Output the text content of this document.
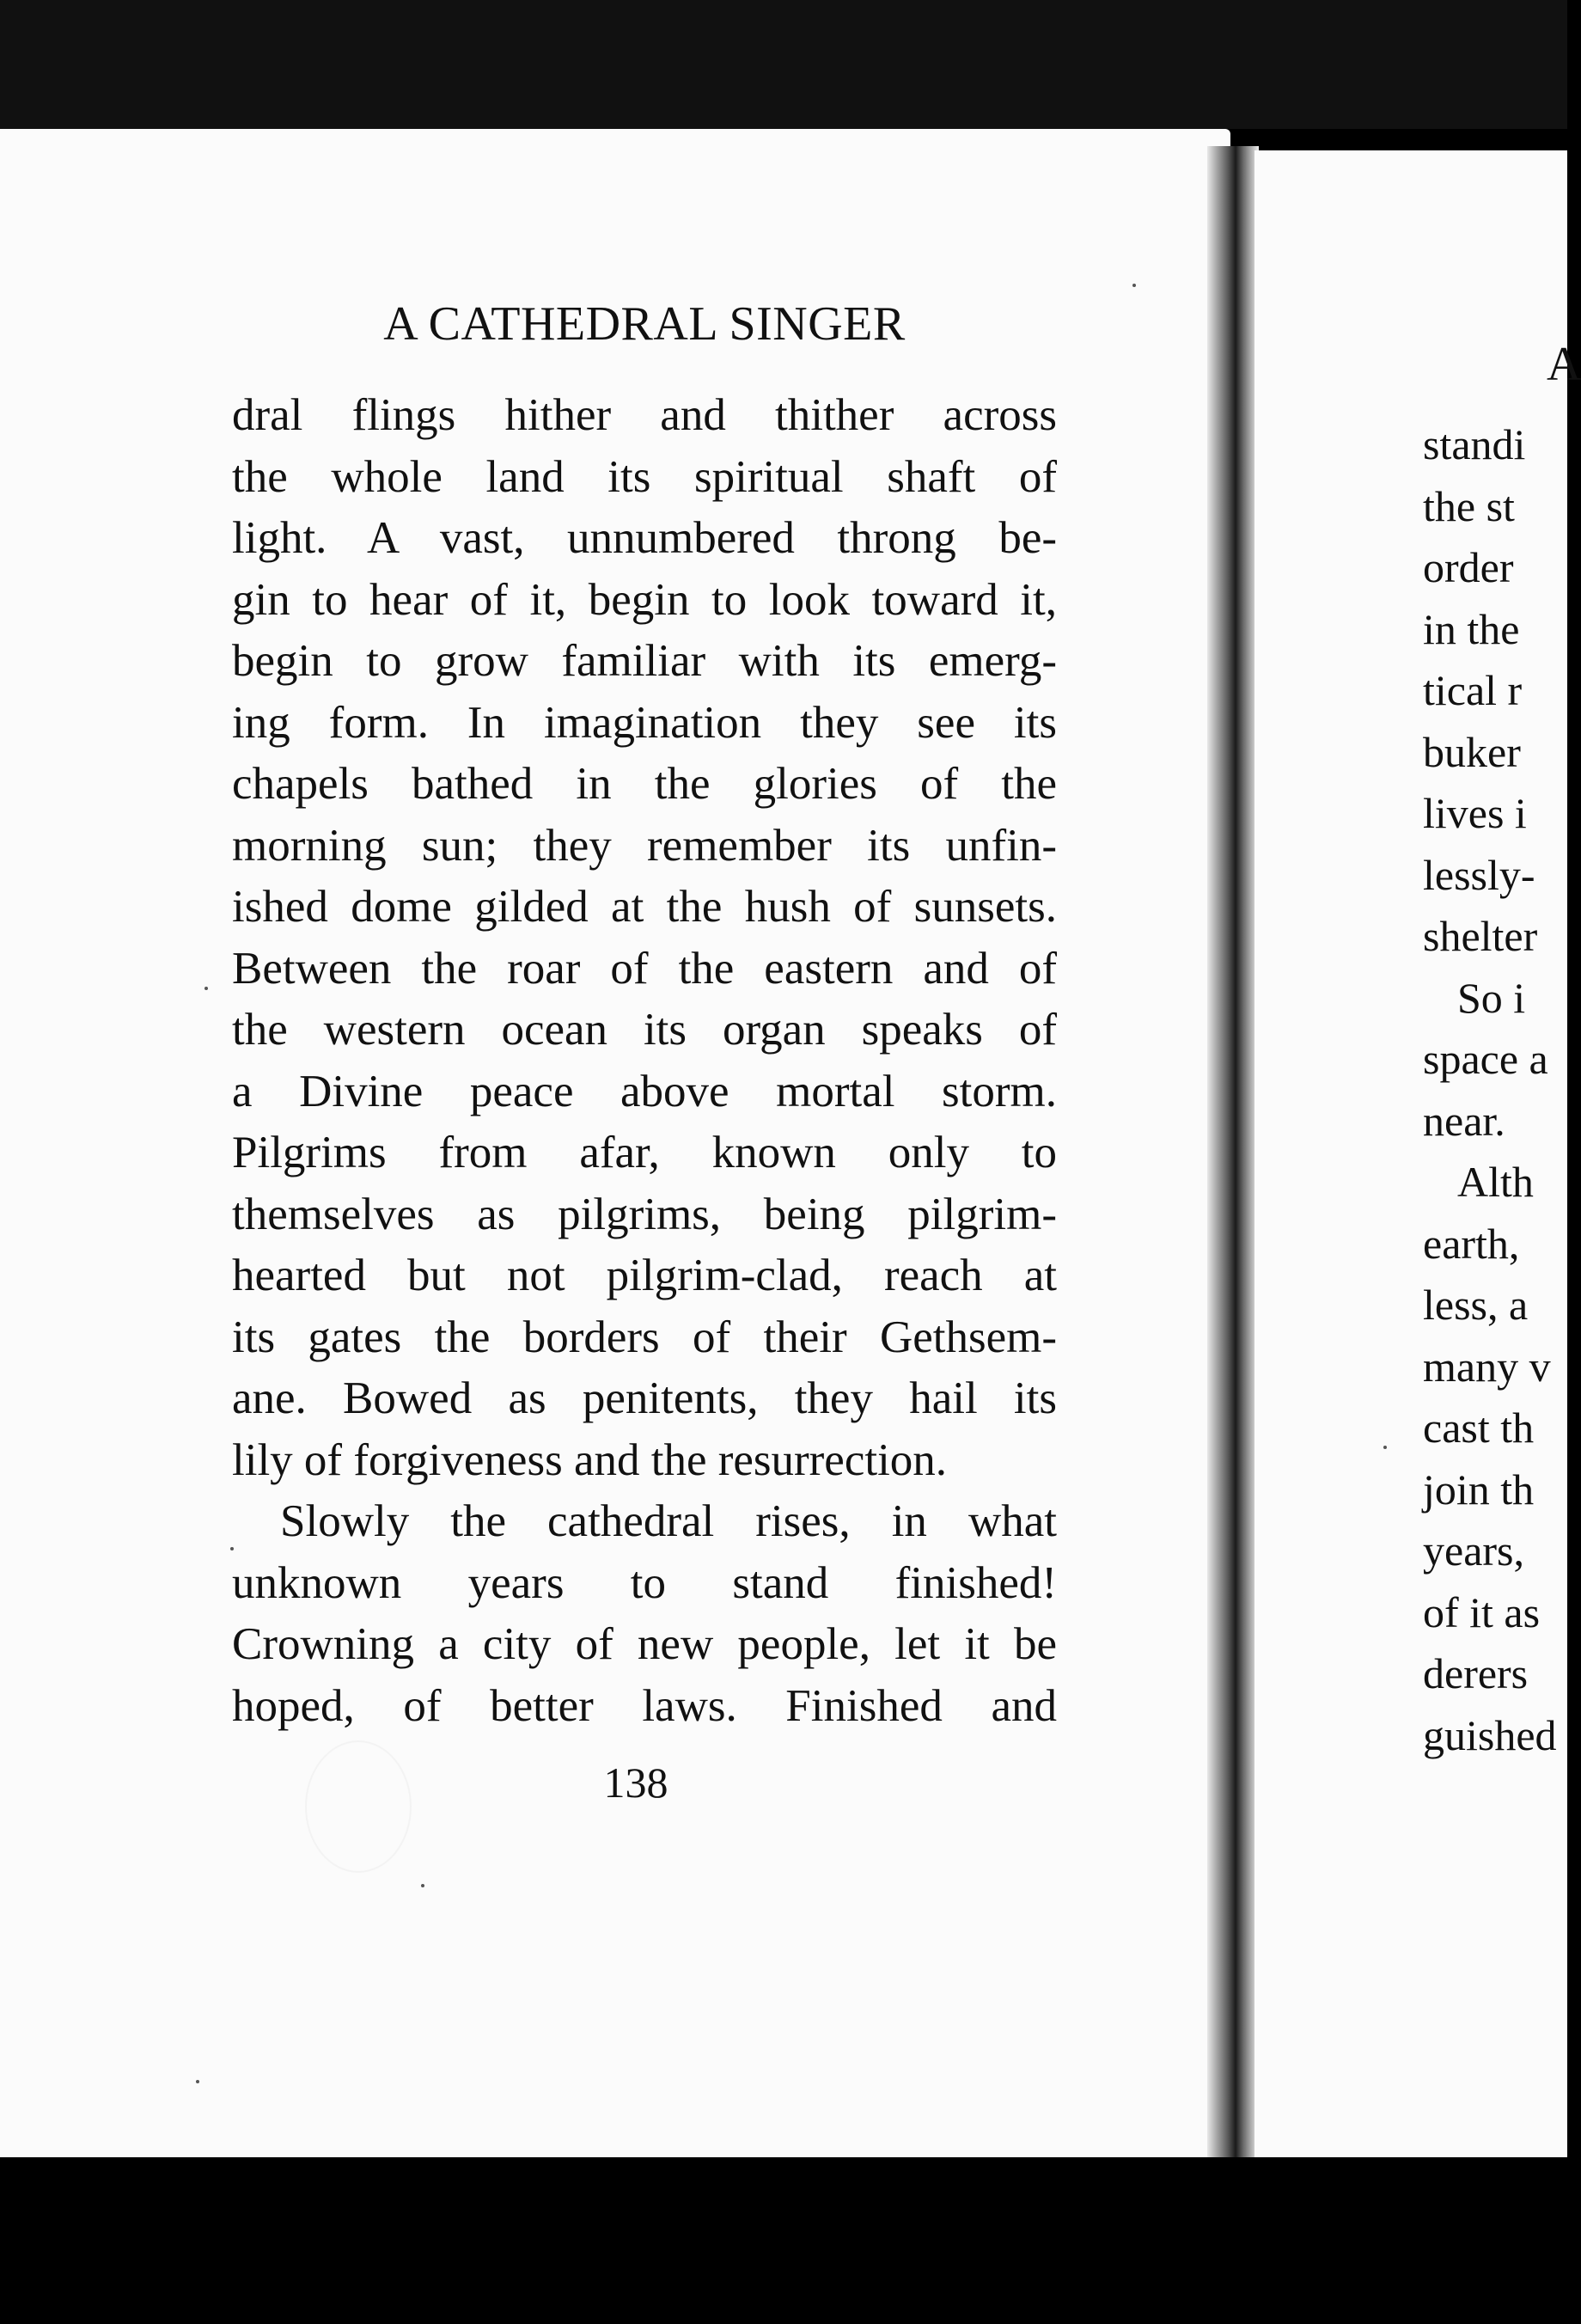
A CATHEDRAL SINGER
dral flings hither and thither across
the whole land its spiritual shaft of
light. A vast, unnumbered throng be-
gin to hear of it, begin to look toward it,
begin to grow familiar with its emerg-
ing form. In imagination they see its
chapels bathed in the glories of the
morning sun; they remember its unfin-
ished dome gilded at the hush of sunsets.
Between the roar of the eastern and of
the western ocean its organ speaks of
a Divine peace above mortal storm.
Pilgrims from afar, known only to
themselves as pilgrims, being pilgrim-
hearted but not pilgrim-clad, reach at
its gates the borders of their Gethsem-
ane. Bowed as penitents, they hail its
lily of forgiveness and the resurrection.
Slowly the cathedral rises, in what
unknown years to stand finished!
Crowning a city of new people, let it be
hoped, of better laws. Finished and
138
A
standi
the st
order
in the
tical r
buker
lives i
lessly-
shelter
So i
space a
near.
Alth
earth,
less, a
many v
cast th
join th
years,
of it as
derers
guished
